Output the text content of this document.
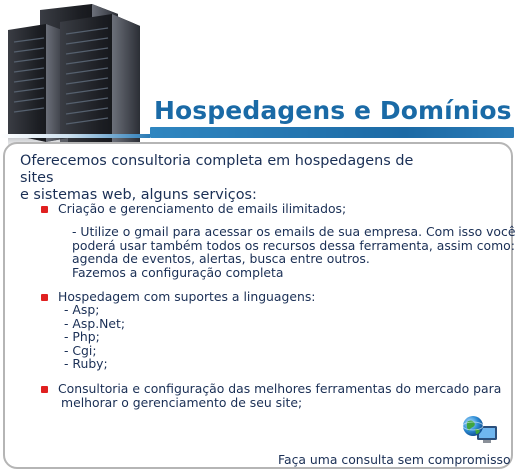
Hospedagens e Domínios
Oferecemos consultoria completa em hospedagens de sites
e sistemas web, alguns serviços:
Criação e gerenciamento de emails ilimitados;
- Utilize o gmail para acessar os emails de sua empresa. Com isso você
poderá usar também todos os recursos dessa ferramenta, assim como:
agenda de eventos, alertas, busca entre outros.
Fazemos a configuração completa
Hospedagem com suportes a linguagens:
- Asp;
- Asp.Net;
- Php;
- Cgi;
- Ruby;
Consultoria e configuração das melhores ferramentas do mercado para
melhorar o gerenciamento de seu site;
Faça uma consulta sem compromisso
